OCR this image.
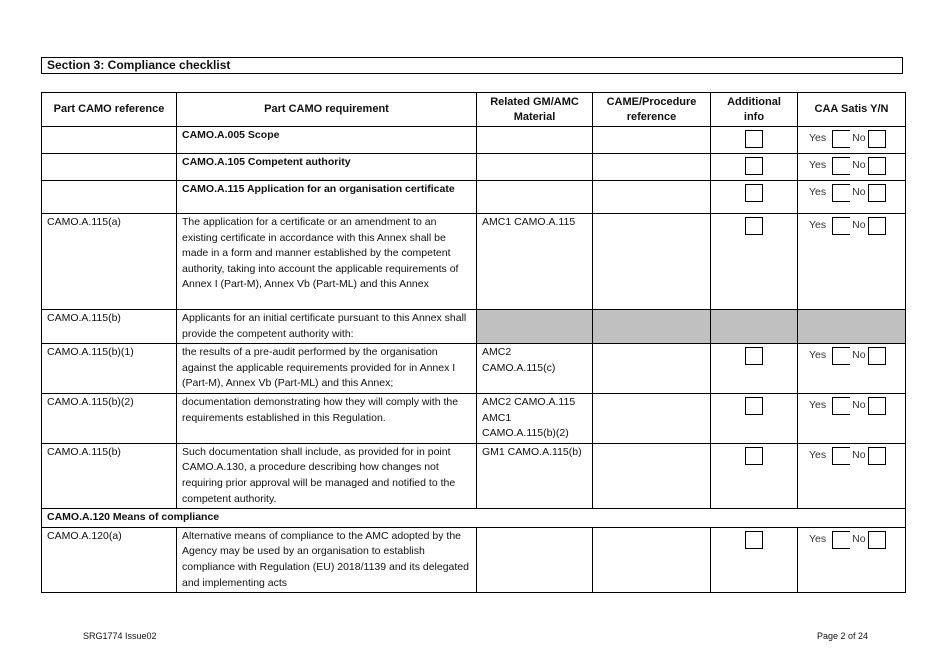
Section 3: Compliance checklist
Part CAMO reference	Part CAMO requirement	Related GM/AMC Material	CAME/Procedure reference	Additional info	CAA Satis Y/N
	CAMO.A.005 Scope				Yes No

	CAMO.A.105 Competent authority				Yes No

	CAMO.A.115 Application for an organisation certificate				Yes No

CAMO.A.115(a)	The application for a certificate or an amendment to an existing certificate in accordance with this Annex shall be made in a form and manner established by the competent authority, taking into account the applicable requirements of Annex I (Part-M), Annex Vb (Part-ML) and this Annex	AMC1 CAMO.A.115			Yes No

CAMO.A.115(b)	Applicants for an initial certificate pursuant to this Annex shall provide the competent authority with:				
CAMO.A.115(b)(1)	the results of a pre-audit performed by the organisation against the applicable requirements provided for in Annex I (Part-M), Annex Vb (Part-ML) and this Annex;	AMC2 CAMO.A.115(c)			Yes No

CAMO.A.115(b)(2)	documentation demonstrating how they will comply with the requirements established in this Regulation.	AMC2 CAMO.A.115 AMC1 CAMO.A.115(b)(2)			Yes No

CAMO.A.115(b)	Such documentation shall include, as provided for in point CAMO.A.130, a procedure describing how changes not requiring prior approval will be managed and notified to the competent authority.	GM1 CAMO.A.115(b)			Yes No

CAMO.A.120 Means of compliance					
CAMO.A.120(a)	Alternative means of compliance to the AMC adopted by the Agency may be used by an organisation to establish compliance with Regulation (EU) 2018/1139 and its delegated and implementing acts				Yes No
SRG1774 Issue02	Page 2 of 24
